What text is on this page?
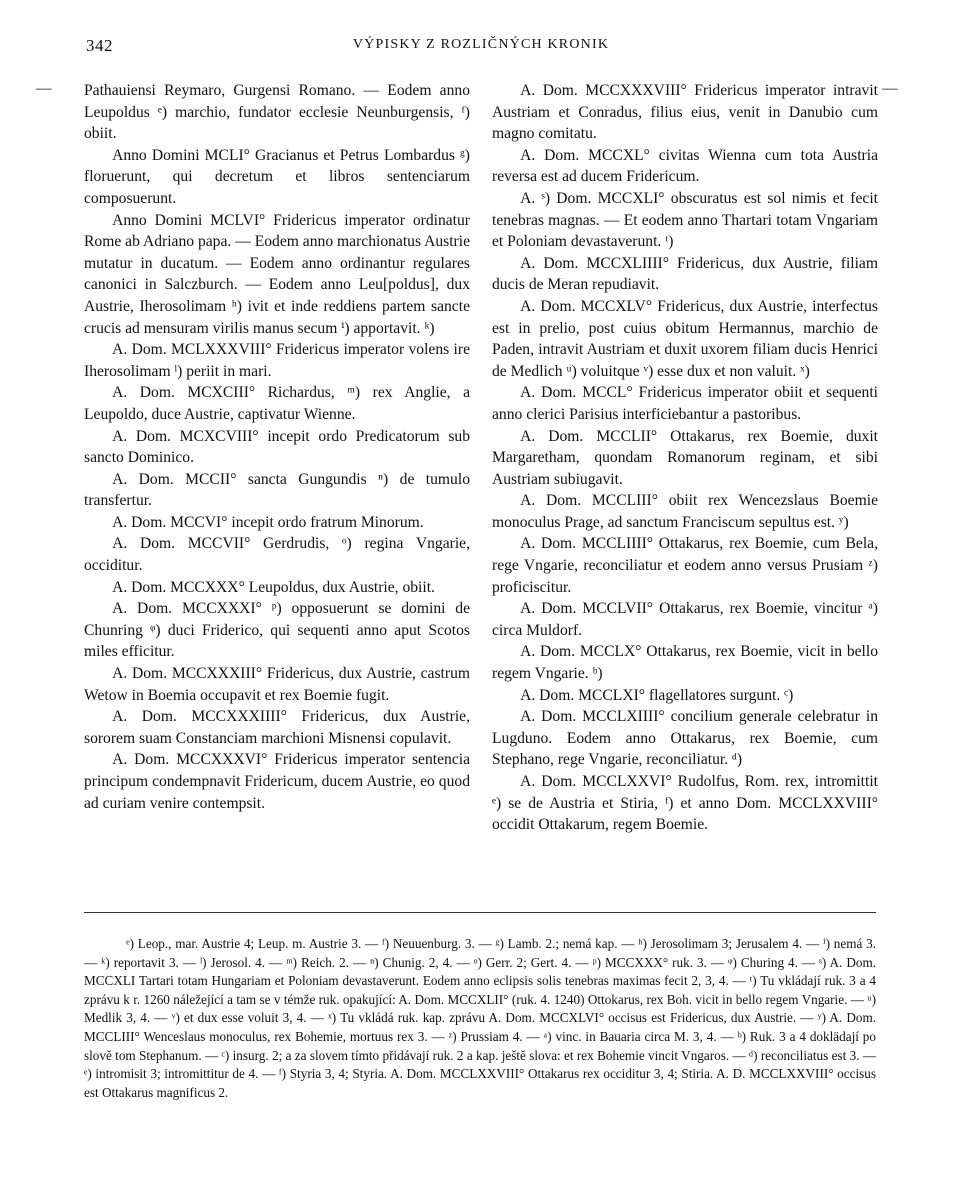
342	VÝPISKY Z ROZLIČNÝCH KRONIK
— Pathauiensi Reymaro, Gurgensi Romano. — Eodem anno Leupoldus ᵉ) marchio, fundator ecclesie Neunburgensis, ᶠ) obiit.

Anno Domini MCLI° Gracianus et Petrus Lombardus ᵍ) floruerunt, qui decretum et libros sentenciarum composuerunt.

Anno Domini MCLVI° Fridericus imperator ordinatur Rome ab Adriano papa. — Eodem anno marchionatus Austrie mutatur in ducatum. — Eodem anno ordinantur regulares canonici in Salczburch. — Eodem anno Leu[poldus], dux Austrie, Iherosolimam ʰ) ivit et inde reddiens partem sancte crucis ad mensuram virilis manus secum ⁱ) apportavit. ᵏ)

A. Dom. MCLXXXVIII° Fridericus imperator volens ire Iherosolimam ˡ) periit in mari.

A. Dom. MCXCIII° Richardus, ᵐ) rex Anglie, a Leupoldo, duce Austrie, captivatur Wienne.

A. Dom. MCXCVIII° incepit ordo Predicatorum sub sancto Dominico.

A. Dom. MCCII° sancta Gungundis ⁿ) de tumulo transfertur.

A. Dom. MCCVI° incepit ordo fratrum Minorum.

A. Dom. MCCVII° Gerdrudis, ᵒ) regina Vngarie, occiditur.

A. Dom. MCCXXX° Leupoldus, dux Austrie, obiit.

A. Dom. MCCXXXI° ᵖ) opposuerunt se domini de Chunring ᵠ) duci Friderico, qui sequenti anno aput Scotos miles efficitur.

A. Dom. MCCXXXIII° Fridericus, dux Austrie, castrum Wetow in Boemia occupavit et rex Boemie fugit.

A. Dom. MCCXXXIIII° Fridericus, dux Austrie, sororem suam Constanciam marchioni Misnensi copulavit.

A. Dom. MCCXXXVI° Fridericus imperator sentencia principum condempnavit Fridericum, ducem Austrie, eo quod ad curiam venire contempsit.

A. Dom. MCCXXXVIII° Fridericus imperator intravit Austriam et Conradus, filius eius, venit in Danubio cum magno comitatu.

A. Dom. MCCXL° civitas Wienna cum tota Austria reversa est ad ducem Fridericum.

A. ˢ) Dom. MCCXLI° obscuratus est sol nimis et fecit tenebras magnas. — Et eodem anno Thartari totam Vngariam et Poloniam devastaverunt. ᵗ)

A. Dom. MCCXLIIII° Fridericus, dux Austrie, filiam ducis de Meran repudiavit.

A. Dom. MCCXLV° Fridericus, dux Austrie, interfectus est in prelio, post cuius obitum Hermannus, marchio de Paden, intravit Austriam et duxit uxorem filiam ducis Henrici de Medlich ᵘ) voluitque ᵛ) esse dux et non valuit. ˣ)

A. Dom. MCCL° Fridericus imperator obiit et sequenti anno clerici Parisius interficiebantur a pastoribus.

A. Dom. MCCLII° Ottakarus, rex Boemie, duxit Margaretham, quondam Romanorum reginam, et sibi Austriam subiugavit.

A. Dom. MCCLIII° obiit rex Wencezslaus Boemie monoculus Prage, ad sanctum Franciscum sepultus est. ʸ)

A. Dom. MCCLIIII° Ottakarus, rex Boemie, cum Bela, rege Vngarie, reconciliatur et eodem anno versus Prusiam ᶻ) proficiscitur.

A. Dom. MCCLVII° Ottakarus, rex Boemie, vincitur ᵃ) circa Muldorf.

A. Dom. MCCLX° Ottakarus, rex Boemie, vicit in bello regem Vngarie. ᵇ)

A. Dom. MCCLXI° flagellatores surgunt. ᶜ)

A. Dom. MCCLXIIII° concilium generale celebratur in Lugduno. Eodem anno Ottakarus, rex Boemie, cum Stephano, rege Vngarie, reconciliatur. ᵈ)

A. Dom. MCCLXXVI° Rudolfus, Rom. rex, intromittit ᵉ) se de Austria et Stiria, ᶠ) et anno Dom. MCCLXXVIII° occidit Ottakarum, regem Boemie.

—

ᵉ) Leop., mar. Austrie 4; Leup. m. Austrie 3. — ᶠ) Neuuenburg. 3. — ᵍ) Lamb. 2.; nemá kap. — ʰ) Jerosolimam 3; Jerusalem 4. — ⁱ) nemá 3. — ᵏ) reportavit 3. — ˡ) Jerosol. 4. — ᵐ) Reich. 2. — ⁿ) Chunig. 2, 4. — ᵒ) Gerr. 2; Gert. 4. — ᵖ) MCCXXX° ruk. 3. — ᵠ) Churing 4. — ˢ) A. Dom. MCCXLI Tartari totam Hungariam et Poloniam devastaverunt. Eodem anno eclipsis solis tenebras maximas fecit 2, 3, 4. — ᵗ) Tu vkládají ruk. 3 a 4 zprávu k r. 1260 náležející a tam se v témže ruk. opakující: A. Dom. MCCXLII° (ruk. 4. 1240) Ottokarus, rex Boh. vicit in bello regem Vngarie. — ᵘ) Medlik 3, 4. — ᵛ) et dux esse voluit 3, 4. — ˣ) Tu vkládá ruk. kap. zprávu A. Dom. MCCXLVI° occisus est Fridericus, dux Austrie. — ʸ) A. Dom. MCCLIII° Wenceslaus monoculus, rex Bohemie, mortuus rex 3. — ᶻ) Prussiam 4. — ᵃ) vinc. in Bauaria circa M. 3, 4. — ᵇ) Ruk. 3 a 4 doklädají po slově tom Stephanum. — ᶜ) insurg. 2; a za slovem tímto přidávají ruk. 2 a kap. ještě slova: et rex Bohemie vincit Vngaros. — ᵈ) reconciliatus est 3. — ᵉ) intromisit 3; intromittitur de 4. — ᶠ) Styria 3, 4; Styria. A. Dom. MCCLXXVIII° Ottakarus rex occiditur 3, 4; Stiria. A. D. MCCLXXVIII° occisus est Ottakarus magnificus 2.
